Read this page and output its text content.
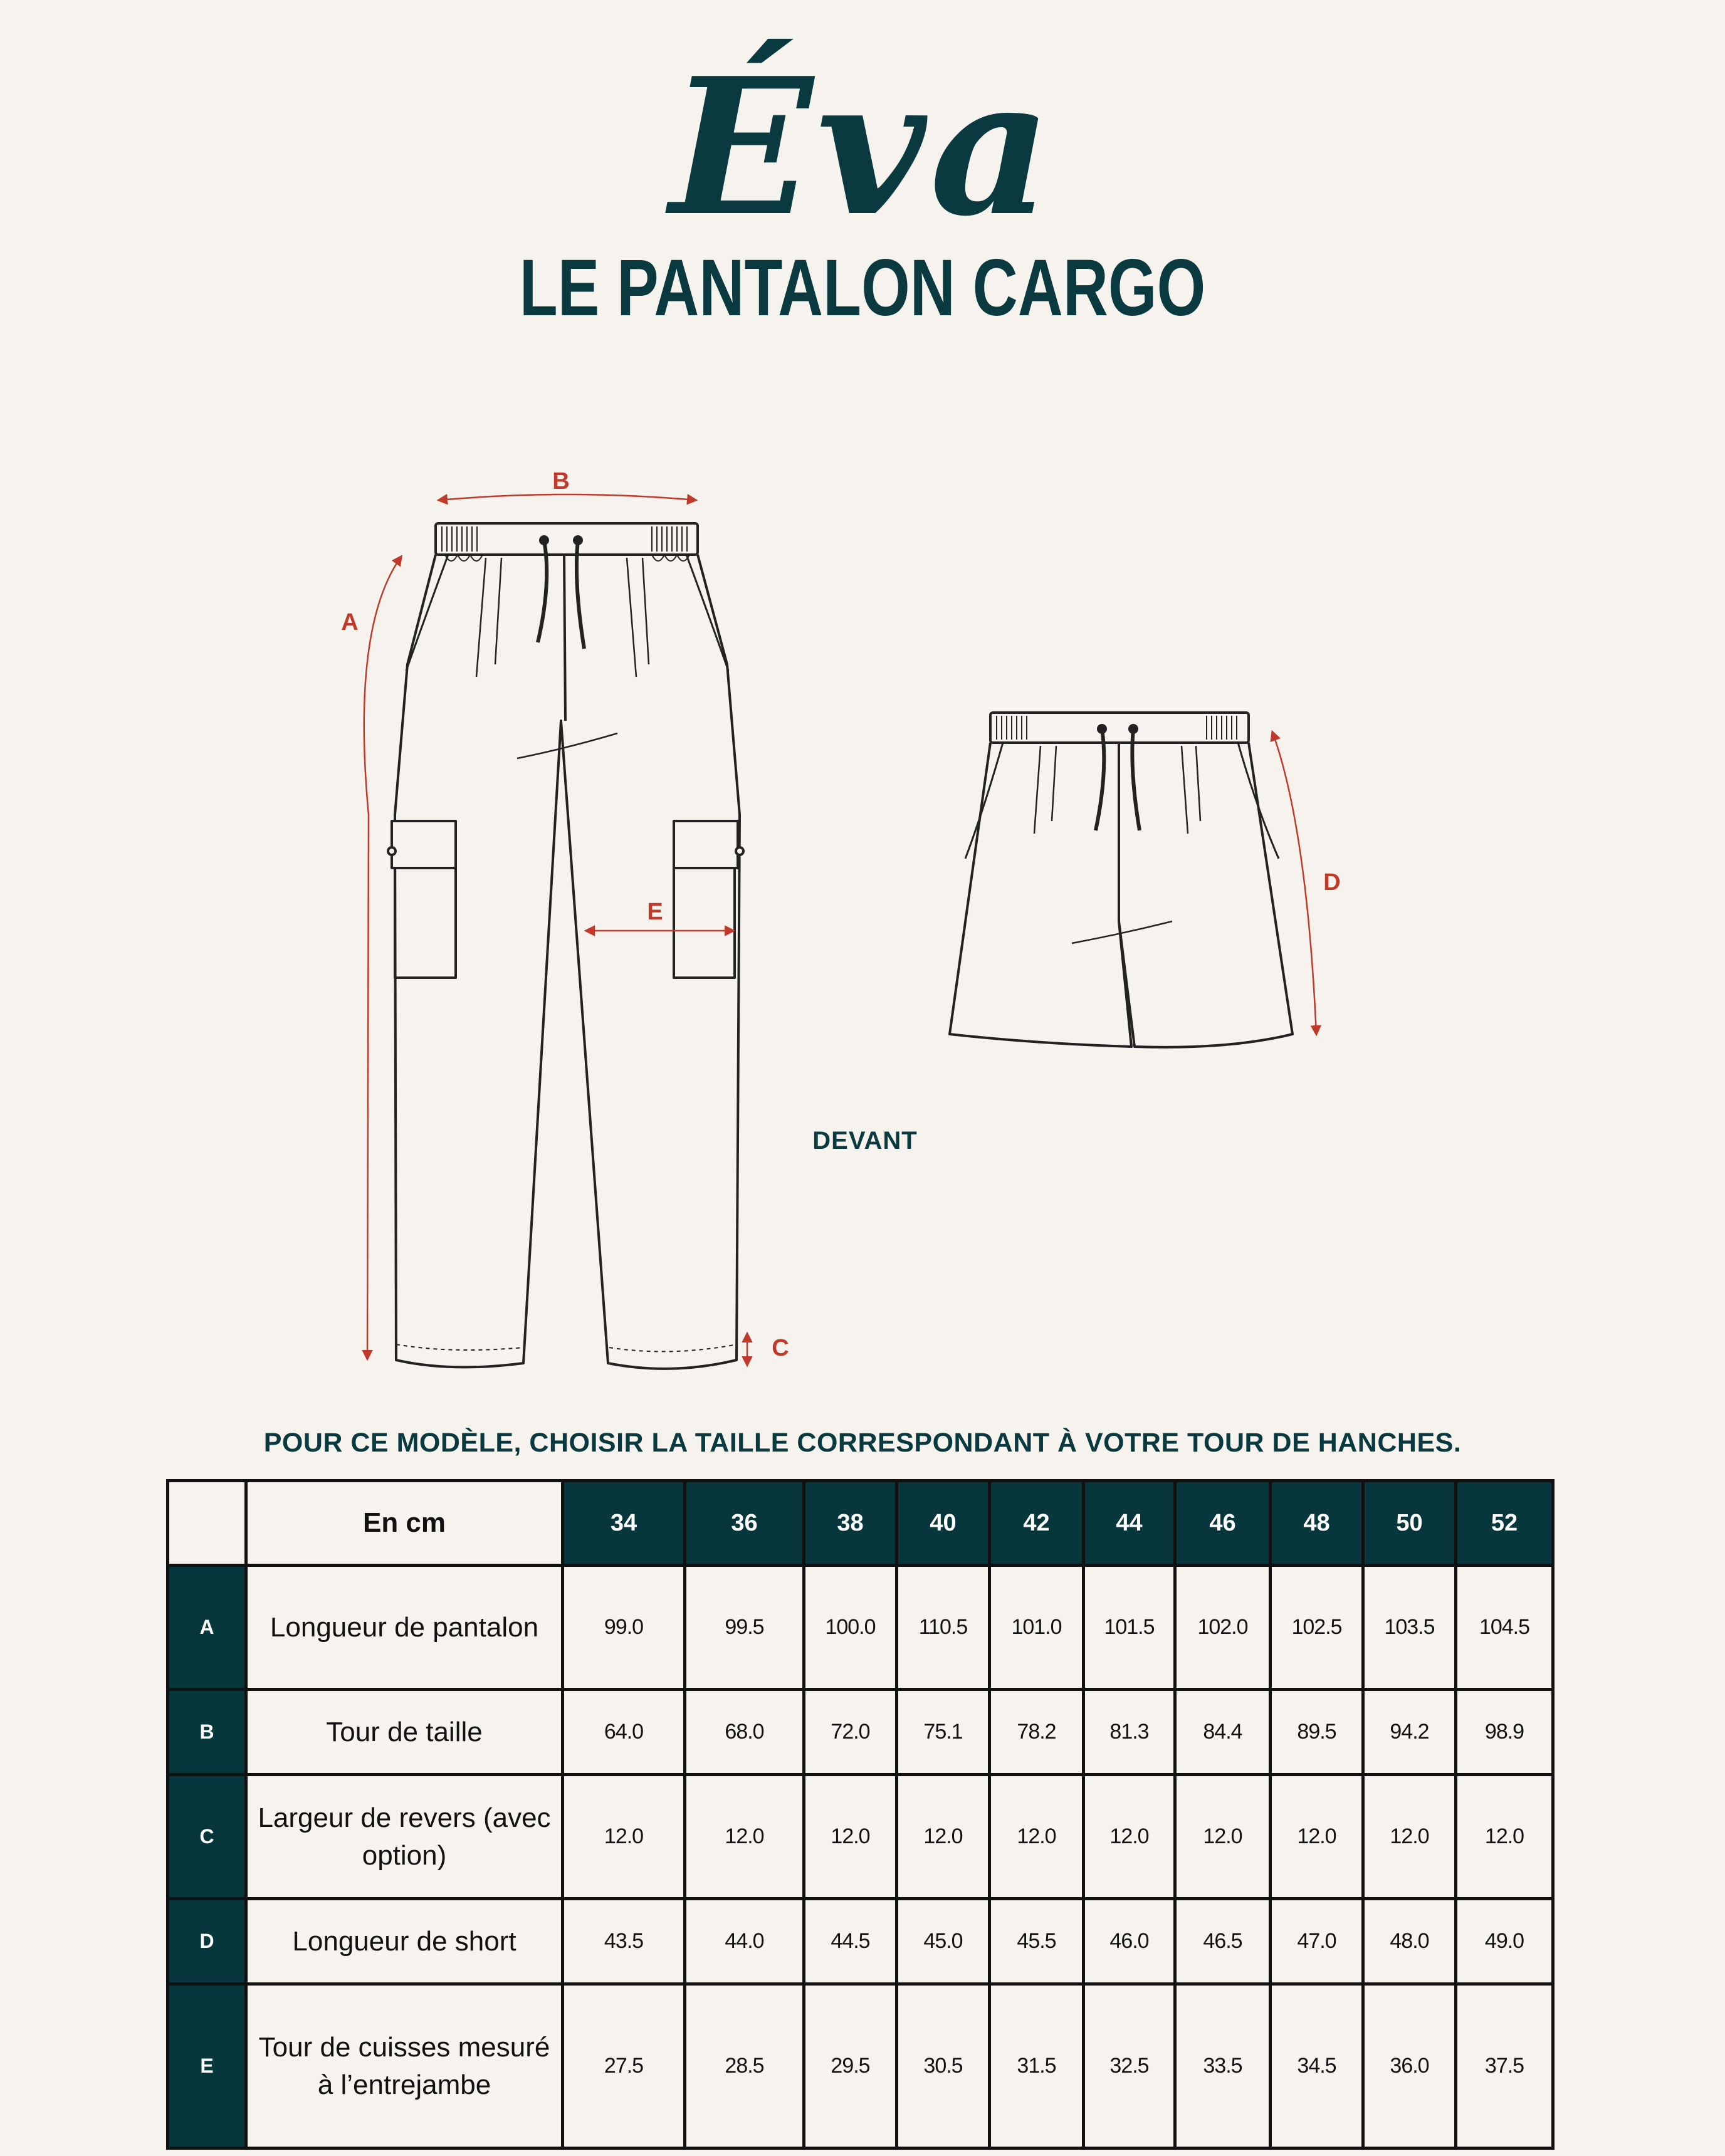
Éva
LE PANTALON CARGO
B
A
E
C
D
DEVANT
POUR CE MODÈLE, CHOISIR LA TAILLE CORRESPONDANT À VOTRE TOUR DE HANCHES.
	En cm	34	36	38	40	42	44	46	48	50	52
A	Longueur de pantalon	99.0	99.5	100.0	110.5	101.0	101.5	102.0	102.5	103.5	104.5
B	Tour de taille	64.0	68.0	72.0	75.1	78.2	81.3	84.4	89.5	94.2	98.9
C	Largeur de revers (avec option)	12.0	12.0	12.0	12.0	12.0	12.0	12.0	12.0	12.0	12.0
D	Longueur de short	43.5	44.0	44.5	45.0	45.5	46.0	46.5	47.0	48.0	49.0
E	Tour de cuisses mesuré à l’entrejambe	27.5	28.5	29.5	30.5	31.5	32.5	33.5	34.5	36.0	37.5
